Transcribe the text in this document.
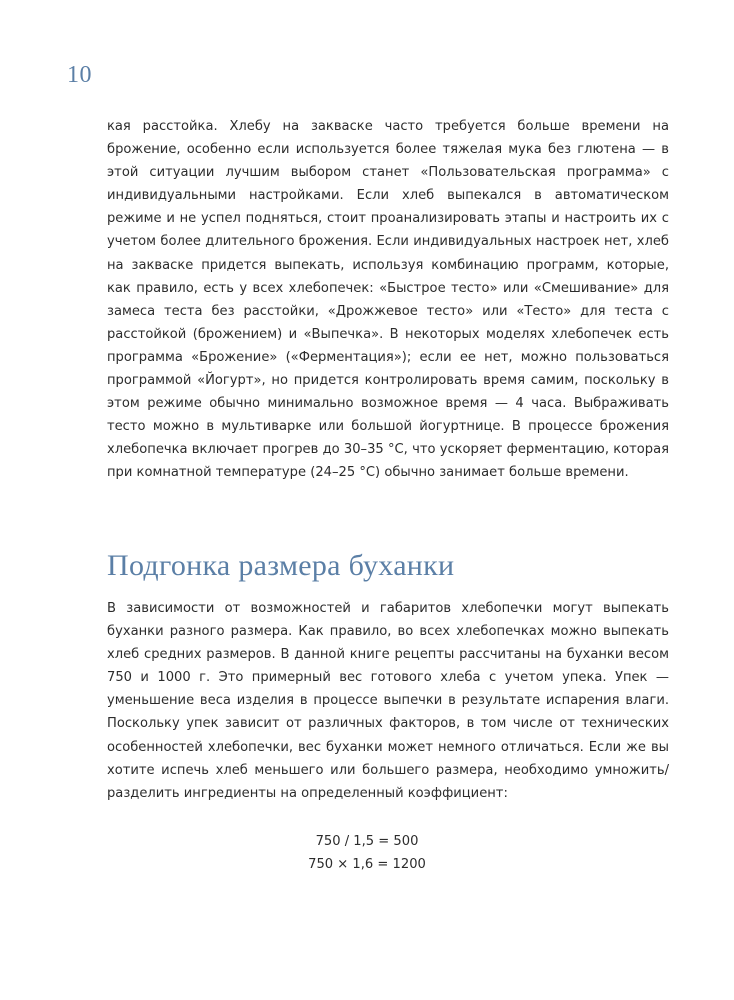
10

кая расстойка. Хлебу на закваске часто требуется больше времени на брожение, особенно если используется более тяжелая мука без глютена — в этой ситуации лучшим выбором станет «Пользовательская программа» с индивидуальными настройками. Если хлеб выпекался в автоматическом режиме и не успел подняться, стоит проанализировать этапы и настроить их с учетом более длительного брожения. Если индивидуальных настроек нет, хлеб на закваске придется выпекать, используя комбинацию программ, которые, как правило, есть у всех хлебопечек: «Быстрое тесто» или «Смешивание» для замеса теста без расстойки, «Дрожжевое тесто» или «Тесто» для теста с расстойкой (брожением) и «Выпечка». В некоторых моделях хлебопечек есть программа «Брожение» («Ферментация»); если ее нет, можно пользоваться программой «Йогурт», но придется контролировать время самим, поскольку в этом режиме обычно минимально возможное время — 4 часа. Выбраживать тесто можно в мультиварке или большой йогуртнице. В процессе брожения хлебопечка включает прогрев до 30–35 °С, что ускоряет ферментацию, которая при комнатной температуре (24–25 °С) обычно занимает больше времени.

Подгонка размера буханки

В зависимости от возможностей и габаритов хлебопечки могут выпекать буханки разного размера. Как правило, во всех хлебопечках можно выпекать хлеб средних размеров. В данной книге рецепты рассчитаны на буханки весом 750 и 1000 г. Это примерный вес готового хлеба с учетом упека. Упек — уменьшение веса изделия в процессе выпечки в результате испарения влаги. Поскольку упек зависит от различных факторов, в том числе от технических особенностей хлебопечки, вес буханки может немного отличаться. Если же вы хотите испечь хлеб меньшего или большего размера, необходимо умножить/ разделить ингредиенты на определенный коэффициент:

750 / 1,5 = 500
750 × 1,6 = 1200
